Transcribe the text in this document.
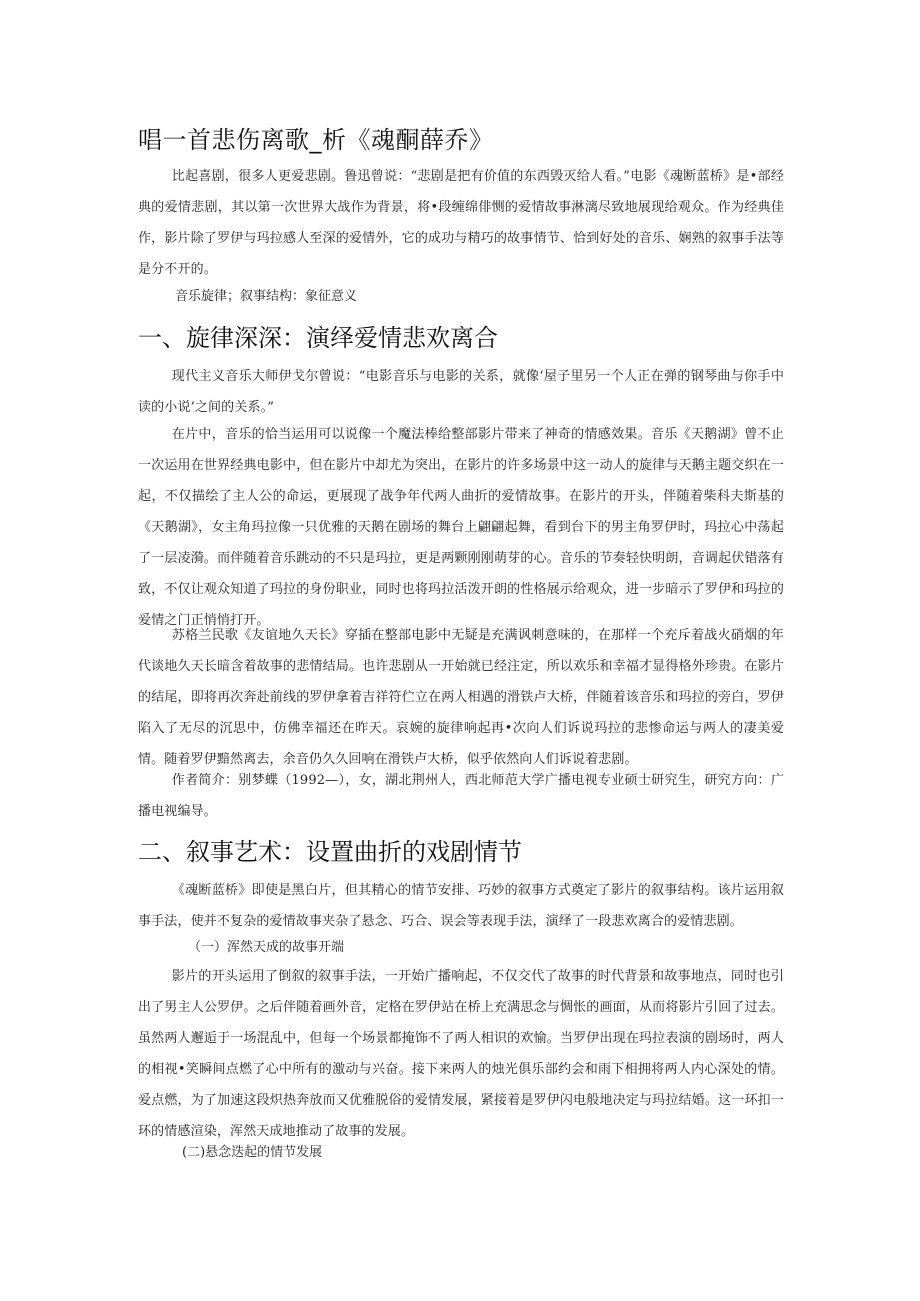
唱一首悲伤离歌_析《魂酮薛乔》

比起喜剧，很多人更爱悲剧。鲁迅曾说：“悲剧是把有价值的东西毁灭给人看。”电影《魂断蓝桥》是•部经典的爱情悲剧，其以第一次世界大战作为背景，将•段缠绵俳恻的爱情故事淋漓尽致地展现给观众。作为经典佳作，影片除了罗伊与玛拉感人至深的爱情外，它的成功与精巧的故事情节、恰到好处的音乐、娴熟的叙事手法等是分不开的。

音乐旋律；叙事结构：象征意义

一、旋律深深：演绎爱情悲欢离合

现代主义音乐大师伊戈尔曾说：“电影音乐与电影的关系，就像‘屋子里另一个人正在弹的钢琴曲与你手中读的小说’之间的关系。”

在片中，音乐的恰当运用可以说像一个魔法棒给整部影片带来了神奇的情感效果。音乐《天鹅湖》曾不止一次运用在世界经典电影中，但在影片中却尤为突出，在影片的许多场景中这一动人的旋律与天鹅主题交织在一起，不仅描绘了主人公的命运，更展现了战争年代两人曲折的爱情故事。在影片的开头，伴随着柴科夫斯基的《天鹅湖》，女主角玛拉像一只优雅的天鹅在剧场的舞台上翩翩起舞，看到台下的男主角罗伊时，玛拉心中荡起了一层凌漪。而伴随着音乐跳动的不只是玛拉，更是两颗刚刚萌芽的心。音乐的节奏轻快明朗，音调起伏错落有致，不仅让观众知道了玛拉的身份职业，同时也将玛拉活泼开朗的性格展示给观众，进一步暗示了罗伊和玛拉的爱情之门正悄悄打开。

苏格兰民歌《友谊地久天长》穿插在整部电影中无疑是充满讽刺意味的，在那样一个充斥着战火硝烟的年代谈地久天长暗含着故事的悲情结局。也许悲剧从一开始就已经注定，所以欢乐和幸福才显得格外珍贵。在影片的结尾，即将再次奔赴前线的罗伊拿着吉祥符伫立在两人相遇的滑铁卢大桥，伴随着该音乐和玛拉的旁白，罗伊陷入了无尽的沉思中，仿佛幸福还在昨天。哀婉的旋律响起再•次向人们诉说玛拉的悲惨命运与两人的凄美爱情。随着罗伊黯然离去，余音仍久久回响在滑铁卢大桥，似乎依然向人们诉说着悲剧。

作者简介：别梦蝶（1992—），女，湖北荆州人，西北师范大学广播电视专业硕士研究生，研究方向：广播电视编导。

二、叙事艺术：设置曲折的戏剧情节

《魂断蓝桥》即使是黑白片，但其精心的情节安排、巧妙的叙事方式奠定了影片的叙事结构。该片运用叙事手法，使并不复杂的爱情故事夹杂了悬念、巧合、误会等表现手法，演绎了一段悲欢离合的爱情悲剧。

（一）浑然天成的故事开端

影片的开头运用了倒叙的叙事手法，一开始广播响起，不仅交代了故事的时代背景和故事地点，同时也引出了男主人公罗伊。之后伴随着画外音，定格在罗伊站在桥上充满思念与惆怅的画面，从而将影片引回了过去。虽然两人邂逅于一场混乱中，但每一个场景都掩饰不了两人相识的欢愉。当罗伊出现在玛拉表演的剧场时，两人的相视•笑瞬间点燃了心中所有的激动与兴奋。接下来两人的烛光俱乐部约会和雨下相拥将两人内心深处的情。爱点燃，为了加速这段炽热奔放而又优雅脱俗的爱情发展，紧接着是罗伊闪电般地决定与玛拉结婚。这一环扣一环的情感渲染，浑然天成地推动了故事的发展。

(二)悬念迭起的情节发展
